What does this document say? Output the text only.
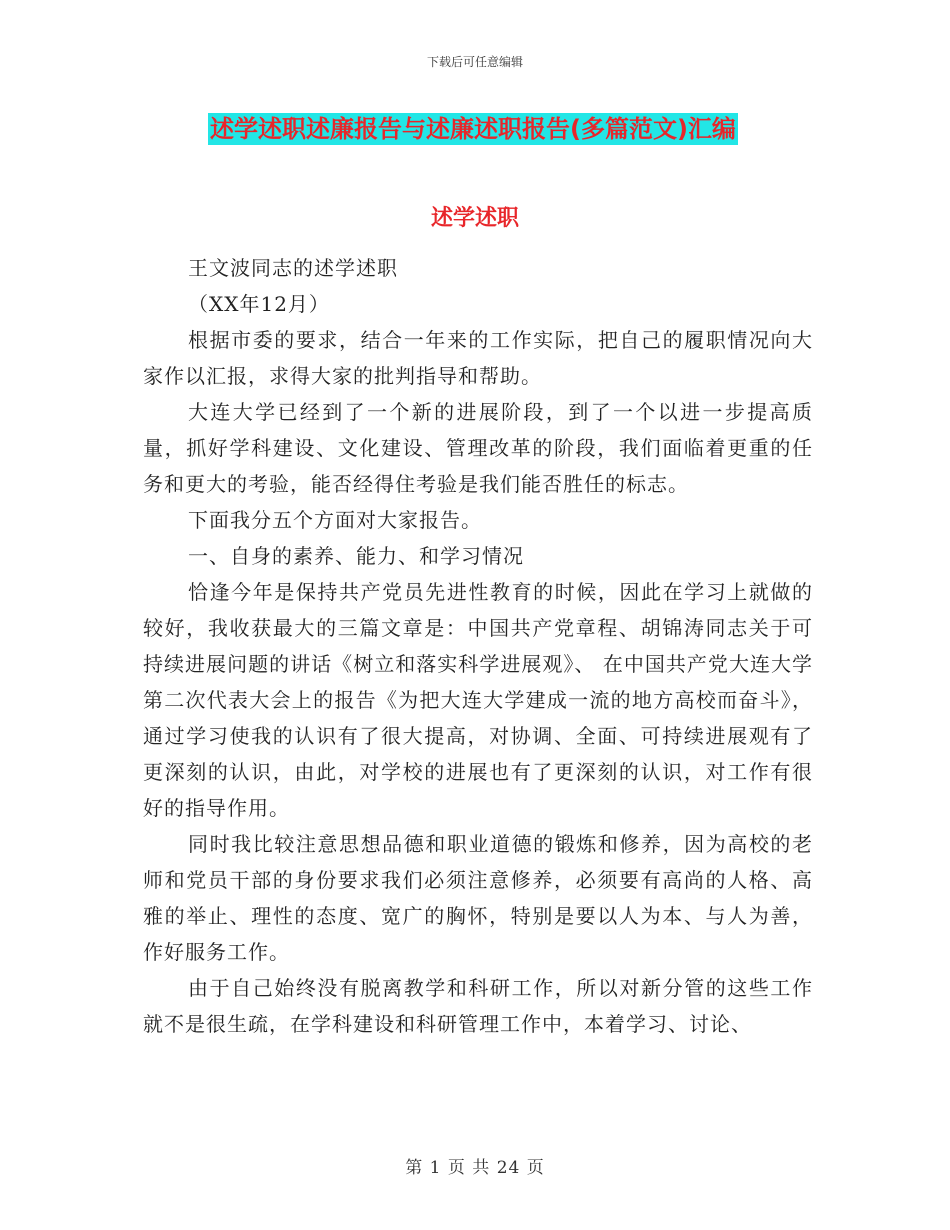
下载后可任意编辑
述学述职述廉报告与述廉述职报告(多篇范文)汇编
述学述职

王文波同志的述学述职

（XX年12月）

根据市委的要求，结合一年来的工作实际，把自己的履职情况向大家作以汇报，求得大家的批判指导和帮助。

大连大学已经到了一个新的进展阶段，到了一个以进一步提高质量，抓好学科建设、文化建设、管理改革的阶段，我们面临着更重的任务和更大的考验，能否经得住考验是我们能否胜任的标志。

下面我分五个方面对大家报告。

一、自身的素养、能力、和学习情况

恰逢今年是保持共产党员先进性教育的时候，因此在学习上就做的较好，我收获最大的三篇文章是：中国共产党章程、胡锦涛同志关于可持续进展问题的讲话《树立和落实科学进展观》、 在中国共产党大连大学第二次代表大会上的报告《为把大连大学建成一流的地方高校而奋斗》，通过学习使我的认识有了很大提高，对协调、全面、可持续进展观有了更深刻的认识，由此，对学校的进展也有了更深刻的认识，对工作有很好的指导作用。

同时我比较注意思想品德和职业道德的锻炼和修养，因为高校的老师和党员干部的身份要求我们必须注意修养，必须要有高尚的人格、高雅的举止、理性的态度、宽广的胸怀，特别是要以人为本、与人为善，作好服务工作。

由于自己始终没有脱离教学和科研工作，所以对新分管的这些工作就不是很生疏，在学科建设和科研管理工作中，本着学习、讨论、

第 1 页 共 24 页
